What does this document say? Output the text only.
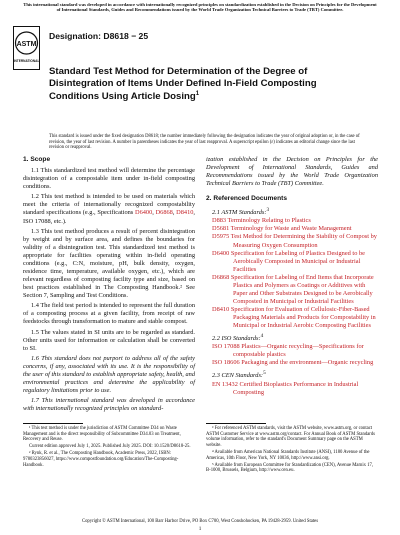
This international standard was developed in accordance with internationally recognized principles on standardization established in the Decision on Principles for the Development of International Standards, Guides and Recommendations issued by the World Trade Organization Technical Barriers to Trade (TBT) Committee.
ASTM
INTERNATIONAL
Designation: D8618 − 25
Standard Test Method for Determination of the Degree of Disintegration of Items Under Defined In-Field Composting Conditions Using Article Dosing$^1$
This standard is issued under the fixed designation D8618; the number immediately following the designation indicates the year of original adoption or, in the case of revision, the year of last revision. A number in parentheses indicates the year of last reapproval. A superscript epsilon (ε) indicates an editorial change since the last revision or reapproval.
1. Scope

1.1 This standardized test method will determine the percentage disintegration of a compostable item under in-field composting conditions.

1.2 This test method is intended to be used on materials which meet the criteria of internationally recognized compostability standard specifications (e.g., Specifications D6400, D6868, D8410, ISO 17088, etc.).

1.3 This test method produces a result of percent disintegration by weight and by surface area, and defines the boundaries for validity of a disintegration test. This standardized test method is appropriate for facilities operating within in-field operating conditions (e.g., C:N, moisture, pH, bulk density, oxygen, residence time, temperature, available oxygen, etc.), which are relevant regardless of composting facility type and size, based on best practices established in The Composting Handbook.² See Section 7, Sampling and Test Conditions.

1.4 The field test period is intended to represent the full duration of a composting process at a given facility, from receipt of raw feedstocks through transformation to mature and stable compost.

1.5 The values stated in SI units are to be regarded as standard. Other units used for information or calculation shall be converted to SI.

1.6 This standard does not purport to address all of the safety concerns, if any, associated with its use. It is the responsibility of the user of this standard to establish appropriate safety, health, and environmental practices and determine the applicability of regulatory limitations prior to use.

1.7 This international standard was developed in accordance with internationally recognized principles on standard-

ization established in the Decision on Principles for the Development of International Standards, Guides and Recommendations issued by the World Trade Organization Technical Barriers to Trade (TBT) Committee.

2. Referenced Documents
2.1 ASTM Standards:$^3$
D883 Terminology Relating to Plastics
D5681 Terminology for Waste and Waste Management
D5975 Test Method for Determining the Stability of Compost by Measuring Oxygen Consumption
D6400 Specification for Labeling of Plastics Designed to be Aerobically Composted in Municipal or Industrial Facilities
D6868 Specification for Labeling of End Items that Incorporate Plastics and Polymers as Coatings or Additives with Paper and Other Substrates Designed to be Aerobically Composted in Municipal or Industrial Facilities
D8410 Specification for Evaluation of Cellulosic-Fiber-Based Packaging Materials and Products for Compostability in Municipal or Industrial Aerobic Composting Facilities
2.2 ISO Standards:$^4$
ISO 17088 Plastics—Organic recycling—Specifications for compostable plastics
ISO 18606 Packaging and the environment—Organic recycling
2.3 CEN Standards:$^5$
EN 13432 Certified Bioplastics Performance in Industrial Composting

¹ This test method is under the jurisdiction of ASTM Committee D34 on Waste Management and is the direct responsibility of Subcommittee D34.03 on Treatment, Recovery and Reuse.

Current edition approved July 1, 2025. Published July 2025. DOI: 10.1520/D8618-25.

² Rynk, R. et al., The Composting Handbook, Academic Press, 2022, ISBN: 9780323856027, https://www.compostfoundation.org/Education/The-Composting-Handbook.

³ For referenced ASTM standards, visit the ASTM website, www.astm.org, or contact ASTM Customer Service at www.astm.org/contact. For Annual Book of ASTM Standards volume information, refer to the standard's Document Summary page on the ASTM website.

⁴ Available from American National Standards Institute (ANSI), 1180 Avenue of the Americas, 10th Floor, New York, NY 10036, http://www.ansi.org.

⁵ Available from European Committee for Standardization (CEN), Avenue Marnix 17, B-1000, Brussels, Belgium, http://www.cen.eu.

Copyright © ASTM International, 100 Barr Harbor Drive, PO Box C700, West Conshohocken, PA 19428-2959. United States
1
